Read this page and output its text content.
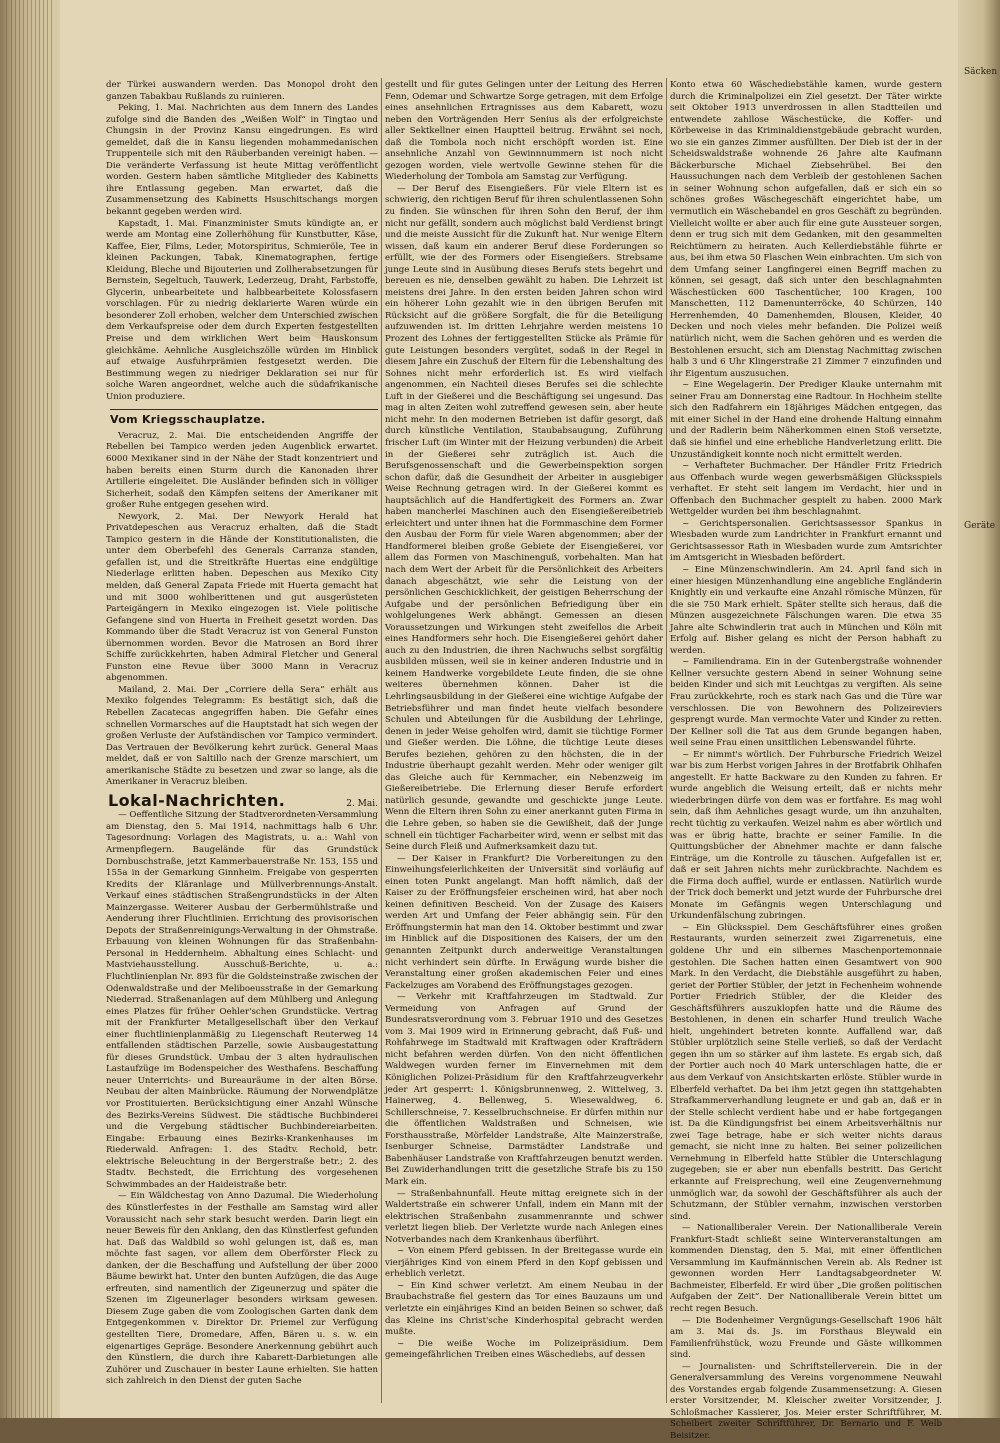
der Türkei auswandern werden. Das Monopol droht den ganzen Tabakbau Rußlands zu ruinieren.

Peking, 1. Mai. Nachrichten aus dem Innern des Landes zufolge sind die Banden des „Weißen Wolf“ in Tingtao und Chungsin in der Provinz Kansu eingedrungen. Es wird gemeldet, daß die in Kansu liegenden mohammedanischen Truppenteile sich mit den Räuberbanden vereinigt haben. — Die veränderte Verfassung ist heute Mittag veröffentlicht worden. Gestern haben sämtliche Mitglieder des Kabinetts ihre Entlassung gegeben. Man erwartet, daß die Zusammensetzung des Kabinetts Hsuschitschangs morgen bekannt gegeben werden wird.

Kapstadt, 1. Mai. Finanzminister Smuts kündigte an, er werde am Montag eine Zollerhöhung für Kunstbutter, Käse, Kaffee, Eier, Films, Leder, Motorspiritus, Schmieröle, Tee in kleinen Packungen, Tabak, Kinematographen, fertige Kleidung, Bleche und Bijouterien und Zollherabsetzungen für Bernstein, Segeltuch, Tauwerk, Lederzeug, Draht, Farbstoffe, Glycerin, unbearbeitete und halbbearbeitete Kolossfasern vorschlagen. Für zu niedrig deklarierte Waren würde ein besonderer Zoll erhoben, welcher dem Unterschied zwischen dem Verkaufspreise oder dem durch Experten festgestellten Preise und dem wirklichen Wert beim Hauskonsum gleichkäme. Aehnliche Ausgleichszölle würden im Hinblick auf etwaige Ausfuhrprämien festgesetzt werden. Die Bestimmung wegen zu niedriger Deklaration sei nur für solche Waren angeordnet, welche auch die südafrikanische Union produziere.

Vom Kriegsschauplatze.

Veracruz, 2. Mai. Die entscheidenden Angriffe der Rebellen bei Tampico werden jeden Augenblick erwartet. 6000 Mexikaner sind in der Nähe der Stadt konzentriert und haben bereits einen Sturm durch die Kanonaden ihrer Artillerie eingeleitet. Die Ausländer befinden sich in völliger Sicherheit, sodaß den Kämpfen seitens der Amerikaner mit großer Ruhe entgegen gesehen wird.

Newyork, 2. Mai. Der Newyork Herald hat Privatdepeschen aus Veracruz erhalten, daß die Stadt Tampico gestern in die Hände der Konstitutionalisten, die unter dem Oberbefehl des Generals Carranza standen, gefallen ist, und die Streitkräfte Huertas eine endgültige Niederlage erlitten haben. Depeschen aus Mexiko City melden, daß General Zapata Friede mit Huerta gemacht hat und mit 3000 wohlberittenen und gut ausgerüsteten Parteigängern in Mexiko eingezogen ist. Viele politische Gefangene sind von Huerta in Freiheit gesetzt worden. Das Kommando über die Stadt Veracruz ist von General Funston übernommen worden. Bevor die Matrosen an Bord ihrer Schiffe zurückkehrten, haben Admiral Fletcher und General Funston eine Revue über 3000 Mann in Veracruz abgenommen.

Mailand, 2. Mai. Der „Corriere della Sera“ erhält aus Mexiko folgendes Telegramm: Es bestätigt sich, daß die Rebellen Zacatecas angegriffen haben. Die Gefahr eines schnellen Vormarsches auf die Hauptstadt hat sich wegen der großen Verluste der Aufständischen vor Tampico vermindert. Das Vertrauen der Bevölkerung kehrt zurück. General Maas meldet, daß er von Saltillo nach der Grenze marschiert, um amerikanische Städte zu besetzen und zwar so lange, als die Amerikaner in Veracruz bleiben.

Lokal-Nachrichten.	2. Mai.

— Oeffentliche Sitzung der Stadtverordneten-Versammlung am Dienstag, den 5. Mai 1914, nachmittags halb 6 Uhr. Tagesordnung: Vorlagen des Magistrats, u. a.: Wahl von Armenpflegern. Baugelände für das Grundstück Dornbuschstraße, jetzt Kammerbauerstraße Nr. 153, 155 und 155a in der Gemarkung Ginnheim. Freigabe von gesperrten Kredits der Kläranlage und Müllverbrennungs-Anstalt. Verkauf eines städtischen Straßengrundstücks in der Alten Mainzergasse. Weiterer Ausbau der Gerbermühlstraße und Aenderung ihrer Fluchtlinien. Errichtung des provisorischen Depots der Straßenreinigungs-Verwaltung in der Ohmstraße. Erbauung von kleinen Wohnungen für das Straßenbahn-Personal in Heddernheim. Abhaltung eines Schlacht- und Mastviehausstellung. Ausschuß-Berichte, u. a.: Fluchtlinienplan Nr. 893 für die Goldsteinstraße zwischen der Odenwaldstraße und der Meliboeusstraße in der Gemarkung Niederrad. Straßenanlagen auf dem Mühlberg und Anlegung eines Platzes für früher Oehler'schen Grundstücke. Vertrag mit der Frankfurter Metallgesellschaft über den Verkauf einer fluchtlinienplanmäßig zu Liegenschaft Reuterweg 14 entfallenden städtischen Parzelle, sowie Ausbaugestattung für dieses Grundstück. Umbau der 3 alten hydraulischen Lastaufzüge im Bodenspeicher des Westhafens. Beschaffung neuer Unterrichts- und Bureauräume in der alten Börse. Neubau der alten Mainbrücke. Räumung der Norwendplätze vor Prostituierten. Berücksichtigung einer Anzahl Wünsche des Bezirks-Vereins Südwest. Die städtische Buchbinderei und die Vergebung städtischer Buchbindereiarbeiten. Eingabe: Erbauung eines Bezirks-Krankenhauses im Riederwald. Anfragen: 1. des Stadtv. Rechold, betr. elektrische Beleuchtung in der Bergerstraße betr.; 2. des Stadtv. Bechstedt, die Errichtung des vorgesehenen Schwimmbades an der Haideistraße betr.

— Ein Wäldchestag von Anno Dazumal. Die Wiederholung des Künstlerfestes in der Festhalle am Samstag wird aller Voraussicht nach sehr stark besucht werden. Darin liegt ein neuer Beweis für den Anklang, den das Künstlerfest gefunden hat. Daß das Waldbild so wohl gelungen ist, daß es, man möchte fast sagen, vor allem dem Oberförster Fleck zu danken, der die Beschaffung und Aufstellung der über 2000 Bäume bewirkt hat. Unter den bunten Aufzügen, die das Auge erfreuten, sind namentlich der Zigeunerzug und später die Szenen im Zigeunerlager besonders wirksam gewesen. Diesem Zuge gaben die vom Zoologischen Garten dank dem Entgegenkommen v. Direktor Dr. Priemel zur Verfügung gestellten Tiere, Dromedare, Affen, Bären u. s. w. ein eigenartiges Gepräge. Besondere Anerkennung gebührt auch den Künstlern, die durch ihre Kabarett-Darbietungen alle Zuhörer und Zuschauer in bester Laune erhielten. Sie hatten sich zahlreich in den Dienst der guten Sache

gestellt und für gutes Gelingen unter der Leitung des Herren Fenn, Odemar und Schwartze Sorge getragen, mit dem Erfolge eines ansehnlichen Ertragnisses aus dem Kabarett, wozu neben den Vorträgenden Herr Senius als der erfolgreichste aller Sektkellner einen Hauptteil beitrug. Erwähnt sei noch, daß die Tombola noch nicht erschöpft worden ist. Eine ansehnliche Anzahl von Gewinnnummern ist noch nicht gezogen worden, viele wertvolle Gewinne stehen für die Wiederholung der Tombola am Samstag zur Verfügung.

— Der Beruf des Eisengießers. Für viele Eltern ist es schwierig, den richtigen Beruf für ihren schulentlassenen Sohn zu finden. Sie wünschen für ihren Sohn den Beruf, der ihm nicht nur gefällt, sondern auch möglichst bald Verdienst bringt und die meiste Aussicht für die Zukunft hat. Nur wenige Eltern wissen, daß kaum ein anderer Beruf diese Forderungen so erfüllt, wie der des Formers oder Eisengießers. Strebsame junge Leute sind in Ausübung dieses Berufs stets begehrt und bereuen es nie, denselben gewählt zu haben. Die Lehrzeit ist meistens drei Jahre. In den ersten beiden Jahren schon wird ein höherer Lohn gezahlt wie in den übrigen Berufen mit Rücksicht auf die größere Sorgfalt, die für die Beteiligung aufzuwenden ist. Im dritten Lehrjahre werden meistens 10 Prozent des Lohnes der fertiggestellten Stücke als Prämie für gute Leistungen besonders vergütet, sodaß in der Regel in diesem Jahre ein Zuschuß der Eltern für die Lebenshaltung des Sohnes nicht mehr erforderlich ist. Es wird vielfach angenommen, ein Nachteil dieses Berufes sei die schlechte Luft in der Gießerei und die Beschäftigung sei ungesund. Das mag in alten Zeiten wohl zutreffend gewesen sein, aber heute nicht mehr. In den modernen Betrieben ist dafür gesorgt, daß durch künstliche Ventilation, Staubabsaugung, Zuführung frischer Luft (im Winter mit der Heizung verbunden) die Arbeit in der Gießerei sehr zuträglich ist. Auch die Berufsgenossenschaft und die Gewerbeinspektion sorgen schon dafür, daß die Gesundheit der Arbeiter in ausgiebiger Weise Rechnung getragen wird. In der Gießerei kommt es hauptsächlich auf die Handfertigkeit des Formers an. Zwar haben mancherlei Maschinen auch den Eisengießereibetrieb erleichtert und unter ihnen hat die Formmaschine dem Former den Ausbau der Form für viele Waren abgenommen; aber der Handformerei bleiben große Gebiete der Eisengießerei, vor allem das Formen von Maschinenguß, vorbehalten. Man hat nach dem Wert der Arbeit für die Persönlichkeit des Arbeiters danach abgeschätzt, wie sehr die Leistung von der persönlichen Geschicklichkeit, der geistigen Beherrschung der Aufgabe und der persönlichen Befriedigung über ein wohlgelungenes Werk abhängt. Gemessen an diesen Voraussetzungen und Wirkungen steht zweifellos die Arbeit eines Handformers sehr hoch. Die Eisengießerei gehört daher auch zu den Industrien, die ihren Nachwuchs selbst sorgfältig ausbilden müssen, weil sie in keiner anderen Industrie und in keinem Handwerke vorgebildete Leute finden, die sie ohne weiteres übernehmen können. Daher ist die Lehrlingsausbildung in der Gießerei eine wichtige Aufgabe der Betriebsführer und man findet heute vielfach besondere Schulen und Abteilungen für die Ausbildung der Lehrlinge, denen in jeder Weise geholfen wird, damit sie tüchtige Former und Gießer werden. Die Löhne, die tüchtige Leute dieses Berufes beziehen, gehören zu den höchsten, die in der Industrie überhaupt gezahlt werden. Mehr oder weniger gilt das Gleiche auch für Kernmacher, ein Nebenzweig im Gießereibetriebe. Die Erlernung dieser Berufe erfordert natürlich gesunde, gewandte und geschickte junge Leute. Wenn die Eltern ihren Sohn zu einer anerkannt guten Firma in die Lehre geben, so haben sie die Gewißheit, daß der Junge schnell ein tüchtiger Facharbeiter wird, wenn er selbst mit das Seine durch Fleiß und Aufmerksamkeit dazu tut.

— Der Kaiser in Frankfurt? Die Vorbereitungen zu den Einweihungsfeierlichkeiten der Universität sind vorläufig auf einen toten Punkt angelangt. Man hofft nämlich, daß der Kaiser zu der Eröffnungsfeier erscheinen wird, hat aber noch keinen definitiven Bescheid. Von der Zusage des Kaisers werden Art und Umfang der Feier abhängig sein. Für den Eröffnungstermin hat man den 14. Oktober bestimmt und zwar im Hinblick auf die Dispositionen des Kaisers, der um den genannten Zeitpunkt durch anderweitige Veranstaltungen nicht verhindert sein dürfte. In Erwägung wurde bisher die Veranstaltung einer großen akademischen Feier und eines Fackelzuges am Vorabend des Eröffnungstages gezogen.

— Verkehr mit Kraftfahrzeugen im Stadtwald. Zur Vermeidung von Anfragen auf Grund der Bundesratsverordnung vom 3. Februar 1910 und des Gesetzes vom 3. Mai 1909 wird in Erinnerung gebracht, daß Fuß- und Rohfahrwege im Stadtwald mit Kraftwagen oder Krafträdern nicht befahren werden dürfen. Von den nicht öffentlichen Waldwegen wurden ferner im Einvernehmen mit dem Königlichen Polizei-Präsidium für den Kraftfahrzeugverkehr jeder Art gesperrt: 1. Königsbrunnenweg, 2. Wittelweg, 3. Hainerweg, 4. Bellenweg, 5. Wiesewaldweg, 6. Schillerschneise, 7. Kesselbruchschneise. Er dürfen mithin nur die öffentlichen Waldstraßen und Schneisen, wie Forsthausstraße, Mörfelder Landstraße, Alte Mainzerstraße, Isenburger Schneise, Darmstädter Landstraße und Babenhäuser Landstraße von Kraftfahrzeugen benutzt werden. Bei Zuwiderhandlungen tritt die gesetzliche Strafe bis zu 150 Mark ein.

— Straßenbahnunfall. Heute mittag ereignete sich in der Waldertstraße ein schwerer Unfall, indem ein Mann mit der elektrischen Straßenbahn zusammenrannte und schwer verletzt liegen blieb. Der Verletzte wurde nach Anlegen eines Notverbandes nach dem Krankenhaus überführt.

~ Von einem Pferd gebissen. In der Breitegasse wurde ein vierjähriges Kind von einem Pferd in den Kopf gebissen und erheblich verletzt.

~ Ein Kind schwer verletzt. Am einem Neubau in der Braubachstraße fiel gestern das Tor eines Bauzauns um und verletzte ein einjähriges Kind an beiden Beinen so schwer, daß das Kleine ins Christ'sche Kinderhospital gebracht werden mußte.

~ Die weiße Woche im Polizeipräsidium. Dem gemeingefährlichen Treiben eines Wäschediebs, auf dessen

Konto etwa 60 Wäschediebstähle kamen, wurde gestern durch die Kriminalpolizei ein Ziel gesetzt. Der Täter wirkte seit Oktober 1913 unverdrossen in allen Stadtteilen und entwendete zahllose Wäschestücke, die Koffer- und Körbeweise in das Kriminaldienstgebäude gebracht wurden, wo sie ein ganzes Zimmer ausfüllten. Der Dieb ist der in der Scheidswaldstraße wohnende 26 Jahre alte Kaufmann Bäckerbursche Michael Ziebsehrübel. Bei den Haussuchungen nach dem Verbleib der gestohlenen Sachen in seiner Wohnung schon aufgefallen, daß er sich ein so schönes großes Wäschegeschäft eingerichtet habe, um vermutlich ein Wäschebandel en gros Geschäft zu begründen. Vielleicht wollte er aber auch für eine gute Aussteuer sorgen, denn er trug sich mit dem Gedanken, mit den gesammelten Reichtümern zu heiraten. Auch Kellerdiebstähle führte er aus, bei ihm etwa 50 Flaschen Wein einbrachten. Um sich von dem Umfang seiner Langfingerei einen Begriff machen zu können, sei gesagt, daß sich unter den beschlagnahmten Wäschestücken 600 Taschentücher, 100 Kragen, 100 Manschetten, 112 Damenunterröcke, 40 Schürzen, 140 Herrenhemden, 40 Damenhemden, Blousen, Kleider, 40 Decken und noch vieles mehr befanden. Die Polizei weiß natürlich nicht, wem die Sachen gehören und es werden die Bestohlenen ersucht, sich am Dienstag Nachmittag zwischen halb 3 und 6 Uhr Klingerstraße 21 Zimmer 7 einzufinden und ihr Eigentum auszusuchen.

~ Eine Wegelagerin. Der Prediger Klauke unternahm mit seiner Frau am Donnerstag eine Radtour. In Hochheim stellte sich den Radfahrern ein 18jähriges Mädchen entgegen, das mit einer Sichel in der Hand eine drohende Haltung einnahm und der Radlerin beim Näherkommen einen Stoß versetzte, daß sie hinfiel und eine erhebliche Handverletzung erlitt. Die Unzuständigkeit konnte noch nicht ermittelt werden.

~ Verhafteter Buchmacher. Der Händler Fritz Friedrich aus Offenbach wurde wegen gewerbsmäßigen Glücksspiels verhaftet. Er steht seit langem im Verdacht, hier und in Offenbach den Buchmacher gespielt zu haben. 2000 Mark Wettgelder wurden bei ihm beschlagnahmt.

~ Gerichtspersonalien. Gerichtsassessor Spankus in Wiesbaden wurde zum Landrichter in Frankfurt ernannt und Gerichtsassessor Rath in Wiesbaden wurde zum Amtsrichter im Amtsgericht in Wiesbaden befördert.

~ Eine Münzenschwindlerin. Am 24. April fand sich in einer hiesigen Münzenhandlung eine angebliche Engländerin Knightly ein und verkaufte eine Anzahl römische Münzen, für die sie 750 Mark erhielt. Später stellte sich heraus, daß die Münzen ausgezeichnete Fälschungen waren. Die etwa 35 Jahre alte Schwindlerin trat auch in München und Köln mit Erfolg auf. Bisher gelang es nicht der Person habhaft zu werden.

~ Familiendrama. Ein in der Gutenbergstraße wohnender Kellner versuchte gestern Abend in seiner Wohnung seine beiden Kinder und sich mit Leuchtgas zu vergiften. Als seine Frau zurückkehrte, roch es stark nach Gas und die Türe war verschlossen. Die von Bewohnern des Polizeireviers gesprengt wurde. Man vermochte Vater und Kinder zu retten. Der Kellner soll die Tat aus dem Grunde begangen haben, weil seine Frau einen unsittlichen Lebenswandel führte.

~ Er nimmt's wörtlich. Der Fuhrbursche Friedrich Weizel war bis zum Herbst vorigen Jahres in der Brotfabrik Ohlhafen angestellt. Er hatte Backware zu den Kunden zu fahren. Er wurde angeblich die Weisung erteilt, daß er nichts mehr wiederbringen dürfe von dem was er fortfahre. Es mag wohl sein, daß ihm Aehnliches gesagt wurde, um ihn anzuhalten, recht tüchtig zu verkaufen. Weizel nahm es aber wörtlich und was er übrig hatte, brachte er seiner Familie. In die Quittungsbücher der Abnehmer machte er dann falsche Einträge, um die Kontrolle zu täuschen. Aufgefallen ist er, daß er seit Jahren nichts mehr zurückbrachte. Nachdem es die Firma doch auffiel, wurde er entlassen. Natürlich wurde der Trick doch bemerkt und jetzt wurde der Fuhrbursche drei Monate im Gefängnis wegen Unterschlagung und Urkundenfälschung zubringen.

~ Ein Glücksspiel. Dem Geschäftsführer eines großen Restaurants, wurden seinerzeit zwei Zigarrenetuis, eine goldene Uhr und ein silbernes Maschenportemonnaie gestohlen. Die Sachen hatten einen Gesamtwert von 900 Mark. In den Verdacht, die Diebstähle ausgeführt zu haben, geriet der Portier Stübler, der jetzt in Fechenheim wohnende Portier Friedrich Stübler, der die Kleider des Geschäftsführers auszuklopfen hatte und die Räume des Bestohlenen, in denen ein scharfer Hund treulich Wache hielt, ungehindert betreten konnte. Auffallend war, daß Stübler urplötzlich seine Stelle verließ, so daß der Verdacht gegen ihn um so stärker auf ihm lastete. Es ergab sich, daß der Portier auch noch 40 Mark unterschlagen hatte, die er aus dem Verkauf von Ansichtskarten erlöste. Stübler wurde in Elberfeld verhaftet. Da bei ihm jetzt gegen ihn stattgehabten Strafkammerverhandlung leugnete er und gab an, daß er in der Stelle schlecht verdient habe und er habe fortgegangen ist. Da die Kündigungsfrist bei einem Arbeitsverhältnis nur zwei Tage betrage, habe er sich weiter nichts daraus gemacht, sie nicht inne zu halten. Bei seiner polizeilichen Vernehmung in Elberfeld hatte Stübler die Unterschlagung zugegeben; sie er aber nun ebenfalls bestritt. Das Gericht erkannte auf Freisprechung, weil eine Zeugenvernehmung unmöglich war, da sowohl der Geschäftsführer als auch der Schutzmann, der Stübler vernahm, inzwischen verstorben sind.

— Nationalliberaler Verein. Der Nationalliberale Verein Frankfurt-Stadt schließt seine Winterveranstaltungen am kommenden Dienstag, den 5. Mai, mit einer öffentlichen Versammlung im Kaufmännischen Verein ab. Als Redner ist gewonnen worden Herr Landtagsabgeordneter W. Bachmeister, Elberfeld. Er wird über „Die großen politischen Aufgaben der Zeit“. Der Nationalliberale Verein bittet um recht regen Besuch.

— Die Bodenheimer Vergnügungs-Gesellschaft 1906 hält am 3. Mai ds. Js. im Forsthaus Bleywald ein Familienfrühstück, wozu Freunde und Gäste willkommen sind.

— Journalisten- und Schriftstellerverein. Die in der Generalversammlung des Vereins vorgenommene Neuwahl des Vorstandes ergab folgende Zusammensetzung: A. Giesen erster Vorsitzender, M. Kleischer zweiter Vorsitzender, J. Schloßmacher Kassierer, Jos. Meier erster Schriftführer, M. Scheibert zweiter Schriftführer, Dr. Bernario und F. Welb Beisitzer.

Säcken
Geräte
